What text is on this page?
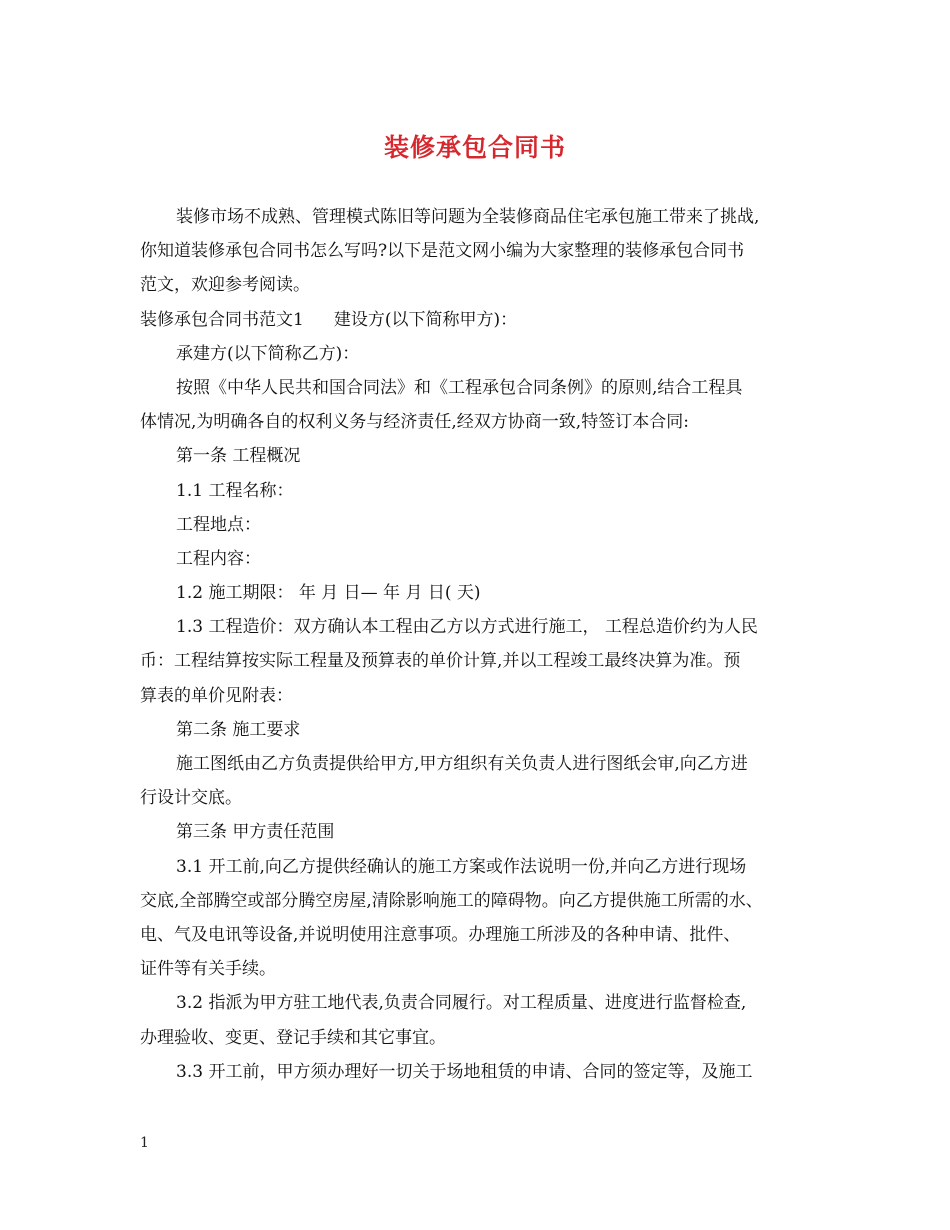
装修承包合同书
装修市场不成熟、管理模式陈旧等问题为全装修商品住宅承包施工带来了挑战,
你知道装修承包合同书怎么写吗?以下是范文网小编为大家整理的装修承包合同书
范文，欢迎参考阅读。
装修承包合同书范文1 建设方(以下简称甲方)：
承建方(以下简称乙方)：
按照《中华人民共和国合同法》和《工程承包合同条例》的原则,结合工程具
体情况,为明确各自的权利义务与经济责任,经双方协商一致,特签订本合同:
第一条 工程概况
1.1 工程名称：
工程地点：
工程内容：
1.2 施工期限： 年 月 日— 年 月 日( 天)
1.3 工程造价：双方确认本工程由乙方以方式进行施工， 工程总造价约为人民
币：工程结算按实际工程量及预算表的单价计算,并以工程竣工最终决算为准。预
算表的单价见附表：
第二条 施工要求
施工图纸由乙方负责提供给甲方,甲方组织有关负责人进行图纸会审,向乙方进
行设计交底。
第三条 甲方责任范围
3.1 开工前,向乙方提供经确认的施工方案或作法说明一份,并向乙方进行现场
交底,全部腾空或部分腾空房屋,清除影响施工的障碍物。向乙方提供施工所需的水、
电、气及电讯等设备,并说明使用注意事项。办理施工所涉及的各种申请、批件、
证件等有关手续。
3.2 指派为甲方驻工地代表,负责合同履行。对工程质量、进度进行监督检查,
办理验收、变更、登记手续和其它事宜。
3.3 开工前，甲方须办理好一切关于场地租赁的申请、合同的签定等，及施工
1
